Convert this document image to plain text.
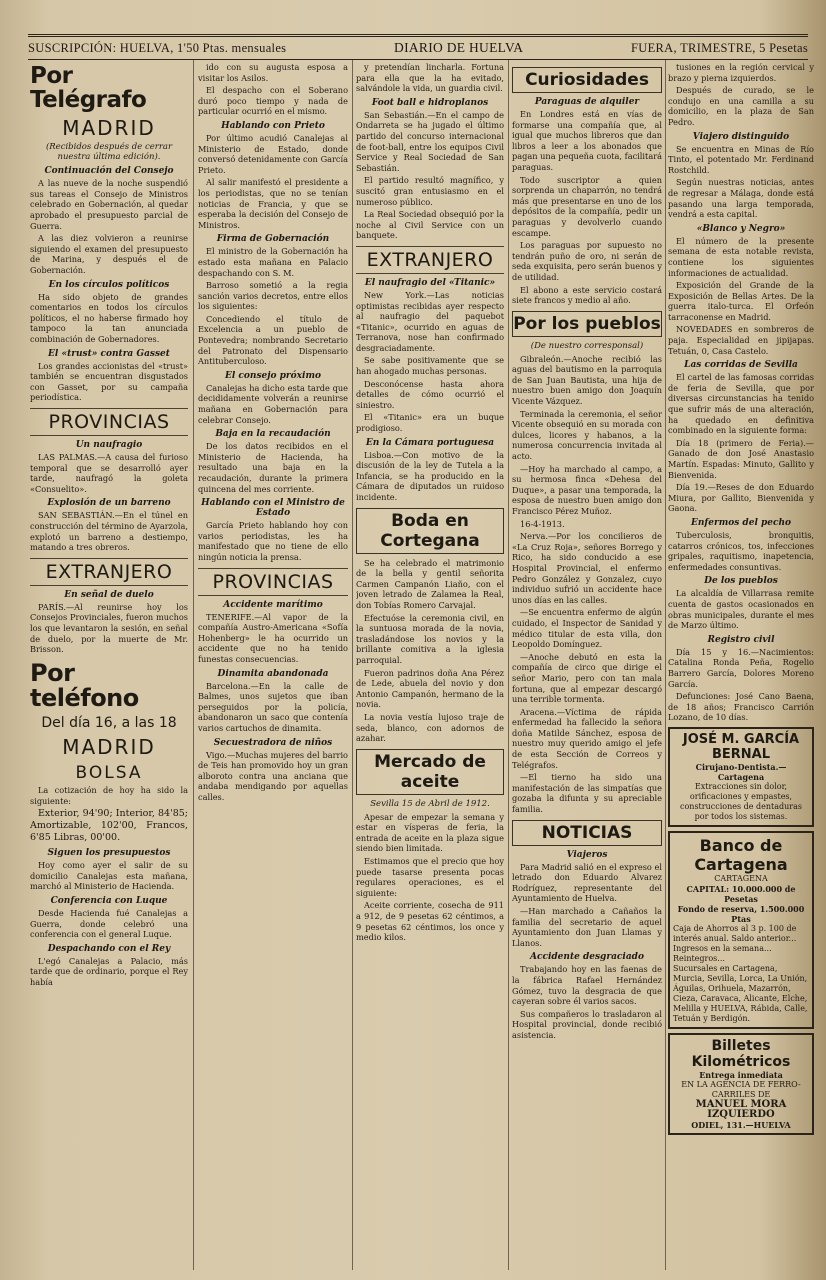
SUSCRIPCIÓN: HUELVA, 1'50 Ptas. mensuales	DIARIO DE HUELVA	FUERA, TRIMESTRE, 5 Pesetas
Por Telégrafo
MADRID
(Recibidos después de cerrar nuestra última edición).
Continuación del Consejo

A las nueve de la noche suspendió sus tareas el Consejo de Ministros celebrado en Gobernación, al quedar aprobado el presupuesto parcial de Guerra.

A las diez volvieron a reunirse siguiendo el examen del presupuesto de Marina, y después el de Gobernación.

En los círculos políticos

Ha sido objeto de grandes comentarios en todos los círculos políticos, el no haberse firmado hoy tampoco la tan anunciada combinación de Gobernadores.

El «trust» contra Gasset

Los grandes accionistas del «trust» también se encuentran disgustados con Gasset, por su campaña periodística.

PROVINCIAS
Un naufragio

LAS PALMAS.—A causa del furioso temporal que se desarrolló ayer tarde, naufragó la goleta «Consuelito».

Explosión de un barreno

SAN SEBASTIÁN.—En el túnel en construcción del término de Ayarzola, explotó un barreno a destiempo, matando a tres obreros.

EXTRANJERO
En señal de duelo

PARÍS.—Al reunirse hoy los Consejos Provinciales, fueron muchos los que levantaron la sesión, en señal de duelo, por la muerte de Mr. Brisson.

Por teléfono
Del día 16, a las 18
MADRID
BOLSA

La cotización de hoy ha sido la siguiente:

Exterior, 94'90; Interior, 84'85; Amortizable, 102'00, Francos, 6'85 Libras, 00'00.

Siguen los presupuestos

Hoy como ayer el salir de su domicilio Canalejas esta mañana, marchó al Ministerio de Hacienda.

Conferencia con Luque

Desde Hacienda fué Canalejas a Guerra, donde celebró una conferencia con el general Luque.

Despachando con el Rey

L'egó Canalejas a Palacio, más tarde que de ordinario, porque el Rey había

ido con su augusta esposa a visitar los Asilos.

El despacho con el Soberano duró poco tiempo y nada de particular ocurrió en el mismo.

Hablando con Prieto

Por último acudió Canalejas al Ministerio de Estado, donde conversó detenidamente con García Prieto.

Al salir manifestó el presidente a los periodistas, que no se tenían noticias de Francia, y que se esperaba la decisión del Consejo de Ministros.

Firma de Gobernación

El ministro de la Gobernación ha estado esta mañana en Palacio despachando con S. M.

Barroso sometió a la regia sanción varios decretos, entre ellos los siguientes:

Concediendo el título de Excelencia a un pueblo de Pontevedra; nombrando Secretario del Patronato del Dispensario Antituberculoso.

El consejo próximo

Canalejas ha dicho esta tarde que decididamente volverán a reunirse mañana en Gobernación para celebrar Consejo.

Baja en la recaudación

De los datos recibidos en el Ministerio de Hacienda, ha resultado una baja en la recaudación, durante la primera quincena del mes corriente.

Hablando con el Ministro de Estado

García Prieto hablando hoy con varios periodistas, les ha manifestado que no tiene de ello ningún noticia la prensa.

PROVINCIAS
Accidente marítimo

TENERIFE.—Al vapor de la compañía Austro-Americana «Sofía Hohenberg» le ha ocurrido un accidente que no ha tenido funestas consecuencias.

Dinamita abandonada

Barcelona.—En la calle de Balmes, unos sujetos que iban perseguidos por la policía, abandonaron un saco que contenía varios cartuchos de dinamita.

Secuestradora de niños

Vigo.—Muchas mujeres del barrio de Teis han promovido hoy un gran alboroto contra una anciana que andaba mendigando por aquellas calles.

y pretendían lincharla. Fortuna para ella que la ha evitado, salvándole la vida, un guardia civil.

Foot ball e hidroplanos

San Sebastián.—En el campo de Ondarreta se ha jugado el último partido del concurso internacional de foot-ball, entre los equipos Civil Service y Real Sociedad de San Sebastián.

El partido resultó magnífico, y suscitó gran entusiasmo en el numeroso público.

La Real Sociedad obsequió por la noche al Civil Service con un banquete.

EXTRANJERO
El naufragio del «Titanic»

New York.—Las noticias optimistas recibidas ayer respecto al naufragio del paquebot «Titanic», ocurrido en aguas de Terranova, nose han confirmado desgraciadamente.

Se sabe positivamente que se han ahogado muchas personas.

Desconócense hasta ahora detalles de cómo ocurrió el siniestro.

El «Titanic» era un buque prodigioso.

En la Cámara portuguesa

Lisboa.—Con motivo de la discusión de la ley de Tutela a la Infancia, se ha producido en la Cámara de diputados un ruidoso incidente.

Boda en Cortegana

Se ha celebrado el matrimonio de la bella y gentil señorita Carmen Campanón Liaño, con el joven letrado de Zalamea la Real, don Tobías Romero Carvajal.

Efectuóse la ceremonia civil, en la suntuosa morada de la novia, trasladándose los novios y la brillante comitiva a la iglesia parroquial.

Fueron padrinos doña Ana Pérez de Lede, abuela del novio y don Antonio Campanón, hermano de la novia.

La novia vestía lujoso traje de seda, blanco, con adornos de azahar.

Mercado de aceite
Sevilla 15 de Abril de 1912.

Apesar de empezar la semana y estar en vísperas de feria, la entrada de aceite en la plaza sigue siendo bien limitada.

Estimamos que el precio que hoy puede tasarse presenta pocas regulares operaciones, es el siguiente:

Aceite corriente, cosecha de 911 a 912, de 9 pesetas 62 céntimos, a 9 pesetas 62 céntimos, los once y medio kilos.

Curiosidades
Paraguas de alquiler

En Londres está en vías de formarse una compañía que, al igual que muchos libreros que dan libros a leer a los abonados que pagan una pequeña cuota, facilitará paraguas.

Todo suscriptor a quien sorprenda un chaparrón, no tendrá más que presentarse en uno de los depósitos de la compañía, pedir un paraguas y devolverlo cuando escampe.

Los paraguas por supuesto no tendrán puño de oro, ni serán de seda exquisita, pero serán buenos y de utilidad.

El abono a este servicio costará siete francos y medio al año.

Por los pueblos
(De nuestro corresponsal)

Gibraleón.—Anoche recibió las aguas del bautismo en la parroquia de San Juan Bautista, una hija de nuestro buen amigo don Joaquín Vicente Vázquez.

Terminada la ceremonia, el señor Vicente obsequió en su morada con dulces, licores y habanos, a la numerosa concurrencia invitada al acto.

—Hoy ha marchado al campo, a su hermosa finca «Dehesa del Duque», a pasar una temporada, la esposa de nuestro buen amigo don Francisco Pérez Muñoz.

16-4-1913.

Nerva.—Por los concilieros de «La Cruz Roja», señores Borrego y Rico, ha sido conducido a ese Hospital Provincial, el enfermo Pedro González y Gonzalez, cuyo individuo sufrió un accidente hace unos días en las calles.

—Se encuentra enfermo de algún cuidado, el Inspector de Sanidad y médico titular de esta villa, don Leopoldo Domínguez.

—Anoche debutó en esta la compañía de circo que dirige el señor Mario, pero con tan mala fortuna, que al empezar descargó una terrible tormenta.

Aracena.—Víctima de rápida enfermedad ha fallecido la señora doña Matilde Sánchez, esposa de nuestro muy querido amigo el jefe de esta Sección de Correos y Telégrafos.

—El tierno ha sido una manifestación de las simpatías que gozaba la difunta y su apreciable familia.

NOTICIAS
Viajeros

Para Madrid salió en el expreso el letrado don Eduardo Alvarez Rodríguez, representante del Ayuntamiento de Huelva.

—Han marchado a Cañaños la familia del secretario de aquel Ayuntamiento don Juan Llamas y Llanos.

Accidente desgraciado

Trabajando hoy en las faenas de la fábrica Rafael Hernández Gómez, tuvo la desgracia de que cayeran sobre él varios sacos.

Sus compañeros lo trasladaron al Hospital provincial, donde recibió asistencia.

tusiones en la región cervical y brazo y pierna izquierdos.

Después de curado, se le condujo en una camilla a su domicilio, en la plaza de San Pedro.

Viajero distinguido

Se encuentra en Minas de Río Tinto, el potentado Mr. Ferdinand Rostchild.

Según nuestras noticias, antes de regresar a Málaga, donde está pasando una larga temporada, vendrá a esta capital.

«Blanco y Negro»

El número de la presente semana de esta notable revista, contiene los siguientes informaciones de actualidad.

Exposición del Grande de la Exposición de Bellas Artes. De la guerra italo-turca. El Orfeón tarraconense en Madrid.

NOVEDADES en sombreros de paja. Especialidad en jipijapas. Tetuán, 0, Casa Castelo.

Las corridas de Sevilla

El cartel de las famosas corridas de feria de Sevilla, que por diversas circunstancias ha tenido que sufrir más de una alteración, ha quedado en definitiva combinado en la siguiente forma:

Día 18 (primero de Feria).—Ganado de don José Anastasio Martín. Espadas: Minuto, Gallito y Bienvenida.

Día 19.—Reses de don Eduardo Miura, por Gallito, Bienvenida y Gaona.

Enfermos del pecho

Tuberculosis, bronquitis, catarros crónicos, tos, infecciones gripales, raquitismo, inapetencia, enfermedades consuntivas.

De los pueblos

La alcaldía de Villarrasa remite cuenta de gastos ocasionados en obras municipales, durante el mes de Marzo último.

Registro civil

Día 15 y 16.—Nacimientos: Catalina Ronda Peña, Rogelio Barrero García, Dolores Moreno García.

Defunciones: José Cano Baena, de 18 años; Francisco Carrión Lozano, de 10 días.

JOSÉ M. GARCÍA BERNAL
Cirujano-Dentista.—Cartagena
Extracciones sin dolor, orificaciones y empastes, construcciones de dentaduras por todos los sistemas.
Banco de Cartagena
CARTAGENA
CAPITAL: 10.000.000 de Pesetas
Fondo de reserva, 1.500.000 Ptas
Caja de Ahorros al 3 p. 100 de interés anual. Saldo anterior... Ingresos en la semana... Reintegros...
Sucursales en Cartagena, Murcia, Sevilla, Lorca, La Unión, Águilas, Orihuela, Mazarrón, Cieza, Caravaca, Alicante, Elche, Melilla y HUELVA, Rábida, Calle, Tetuán y Berdigón.
Billetes Kilométricos
Entrega inmediata
EN LA AGENCIA DE FERRO-CARRILES DE
MANUEL MORA IZQUIERDO
ODIEL, 131.—HUELVA
